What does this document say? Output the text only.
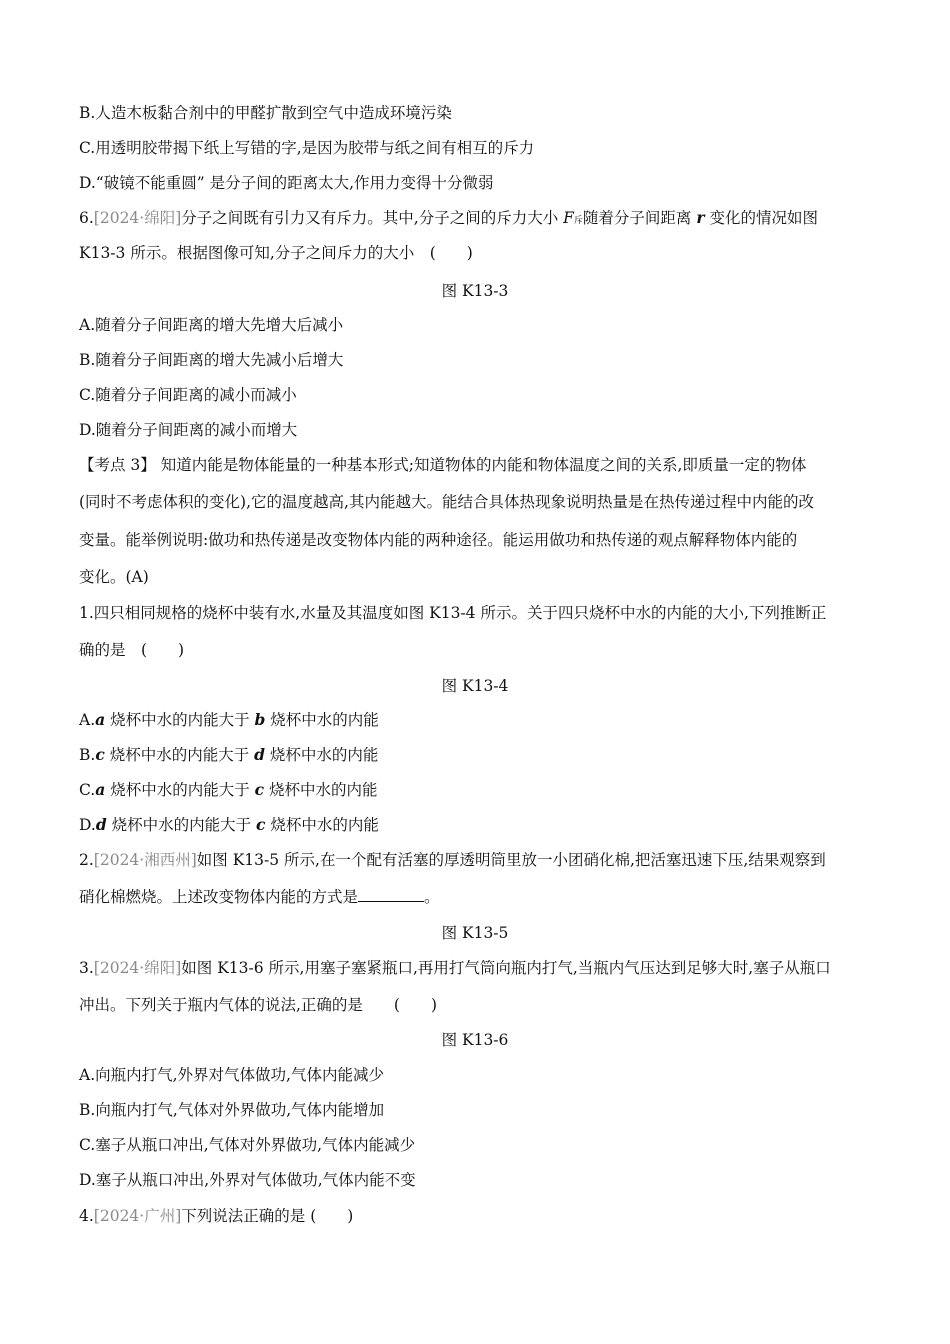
B.人造木板黏合剂中的甲醛扩散到空气中造成环境污染
C.用透明胶带揭下纸上写错的字,是因为胶带与纸之间有相互的斥力
D.“破镜不能重圆” 是分子间的距离太大,作用力变得十分微弱
6.[2024·绵阳]分子之间既有引力又有斥力。其中,分子之间的斥力大小 F斥随着分子间距离 r 变化的情况如图
K13-3 所示。根据图像可知,分子之间斥力的大小　(　　)
图 K13-3
A.随着分子间距离的增大先增大后减小
B.随着分子间距离的增大先减小后增大
C.随着分子间距离的减小而减小
D.随着分子间距离的减小而增大
【考点 3】 知道内能是物体能量的一种基本形式;知道物体的内能和物体温度之间的关系,即质量一定的物体
(同时不考虑体积的变化),它的温度越高,其内能越大。能结合具体热现象说明热量是在热传递过程中内能的改
变量。能举例说明:做功和热传递是改变物体内能的两种途径。能运用做功和热传递的观点解释物体内能的
变化。(A)
1.四只相同规格的烧杯中装有水,水量及其温度如图 K13-4 所示。关于四只烧杯中水的内能的大小,下列推断正
确的是　(　　)
图 K13-4
A.a 烧杯中水的内能大于 b 烧杯中水的内能
B.c 烧杯中水的内能大于 d 烧杯中水的内能
C.a 烧杯中水的内能大于 c 烧杯中水的内能
D.d 烧杯中水的内能大于 c 烧杯中水的内能
2.[2024·湘西州]如图 K13-5 所示,在一个配有活塞的厚透明筒里放一小团硝化棉,把活塞迅速下压,结果观察到
硝化棉燃烧。上述改变物体内能的方式是	。
图 K13-5
3.[2024·绵阳]如图 K13-6 所示,用塞子塞紧瓶口,再用打气筒向瓶内打气,当瓶内气压达到足够大时,塞子从瓶口
冲出。下列关于瓶内气体的说法,正确的是　　(　　)
图 K13-6
A.向瓶内打气,外界对气体做功,气体内能减少
B.向瓶内打气,气体对外界做功,气体内能增加
C.塞子从瓶口冲出,气体对外界做功,气体内能减少
D.塞子从瓶口冲出,外界对气体做功,气体内能不变
4.[2024·广州]下列说法正确的是 (　　)
